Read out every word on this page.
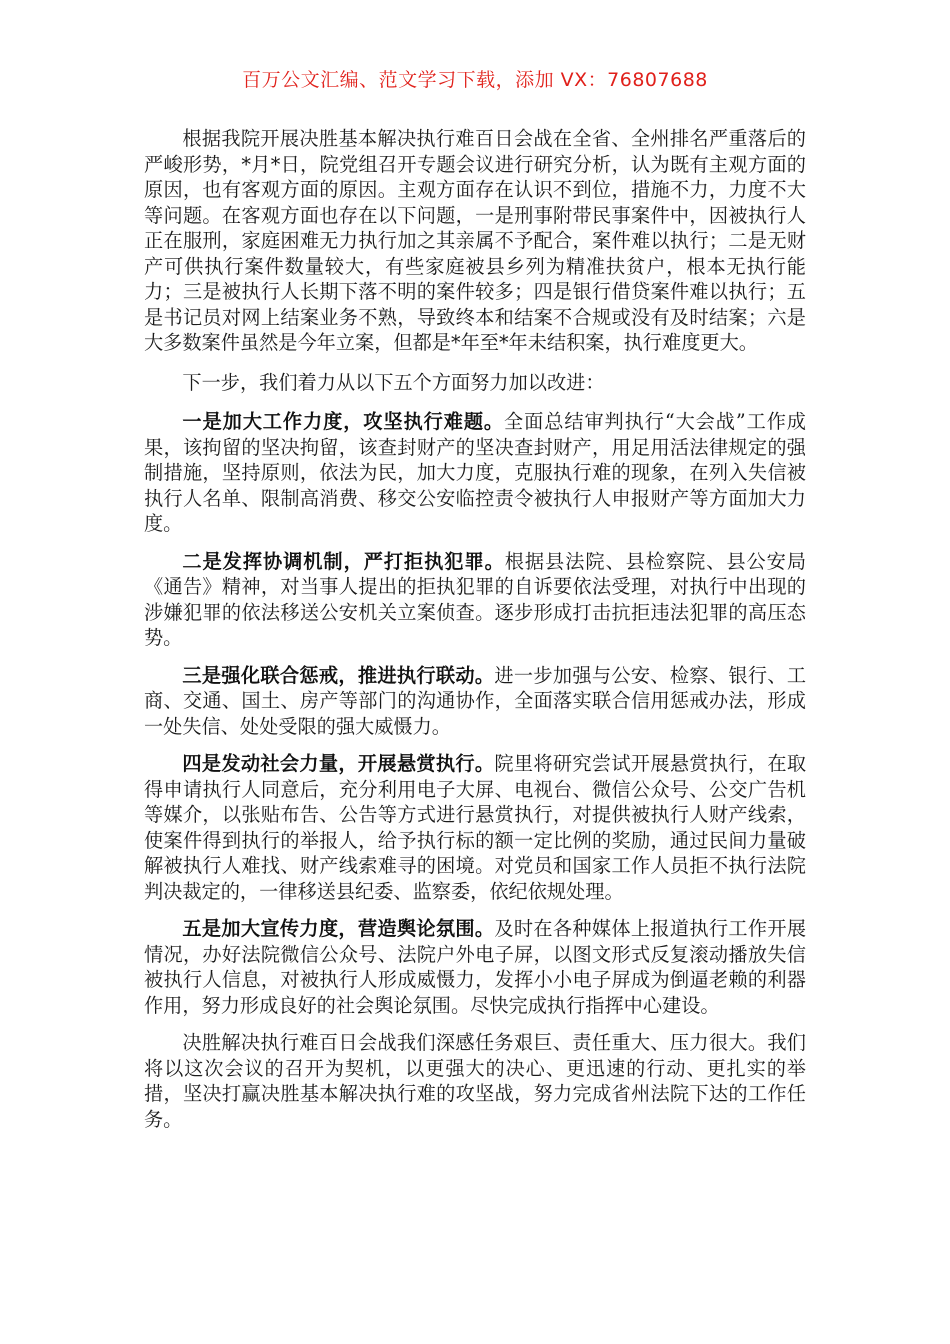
百万公文汇编、范文学习下载，添加 VX：76807688

根据我院开展决胜基本解决执行难百日会战在全省、全州排名严重落后的严峻形势，*月*日，院党组召开专题会议进行研究分析，认为既有主观方面的原因，也有客观方面的原因。主观方面存在认识不到位，措施不力，力度不大等问题。在客观方面也存在以下问题，一是刑事附带民事案件中，因被执行人正在服刑，家庭困难无力执行加之其亲属不予配合，案件难以执行；二是无财产可供执行案件数量较大，有些家庭被县乡列为精准扶贫户，根本无执行能力；三是被执行人长期下落不明的案件较多；四是银行借贷案件难以执行；五是书记员对网上结案业务不熟，导致终本和结案不合规或没有及时结案；六是大多数案件虽然是今年立案，但都是*年至*年未结积案，执行难度更大。

下一步，我们着力从以下五个方面努力加以改进：

一是加大工作力度，攻坚执行难题。全面总结审判执行“大会战”工作成果，该拘留的坚决拘留，该查封财产的坚决查封财产，用足用活法律规定的强制措施，坚持原则，依法为民，加大力度，克服执行难的现象，在列入失信被执行人名单、限制高消费、移交公安临控责令被执行人申报财产等方面加大力度。

二是发挥协调机制，严打拒执犯罪。根据县法院、县检察院、县公安局《通告》精神，对当事人提出的拒执犯罪的自诉要依法受理，对执行中出现的涉嫌犯罪的依法移送公安机关立案侦查。逐步形成打击抗拒违法犯罪的高压态势。

三是强化联合惩戒，推进执行联动。进一步加强与公安、检察、银行、工商、交通、国土、房产等部门的沟通协作，全面落实联合信用惩戒办法，形成一处失信、处处受限的强大威慑力。

四是发动社会力量，开展悬赏执行。院里将研究尝试开展悬赏执行，在取得申请执行人同意后，充分利用电子大屏、电视台、微信公众号、公交广告机等媒介，以张贴布告、公告等方式进行悬赏执行，对提供被执行人财产线索，使案件得到执行的举报人，给予执行标的额一定比例的奖励，通过民间力量破解被执行人难找、财产线索难寻的困境。对党员和国家工作人员拒不执行法院判决裁定的，一律移送县纪委、监察委，依纪依规处理。

五是加大宣传力度，营造舆论氛围。及时在各种媒体上报道执行工作开展情况，办好法院微信公众号、法院户外电子屏，以图文形式反复滚动播放失信被执行人信息，对被执行人形成威慑力，发挥小小电子屏成为倒逼老赖的利器作用，努力形成良好的社会舆论氛围。尽快完成执行指挥中心建设。

决胜解决执行难百日会战我们深感任务艰巨、责任重大、压力很大。我们将以这次会议的召开为契机，以更强大的决心、更迅速的行动、更扎实的举措，坚决打赢决胜基本解决执行难的攻坚战，努力完成省州法院下达的工作任务。
